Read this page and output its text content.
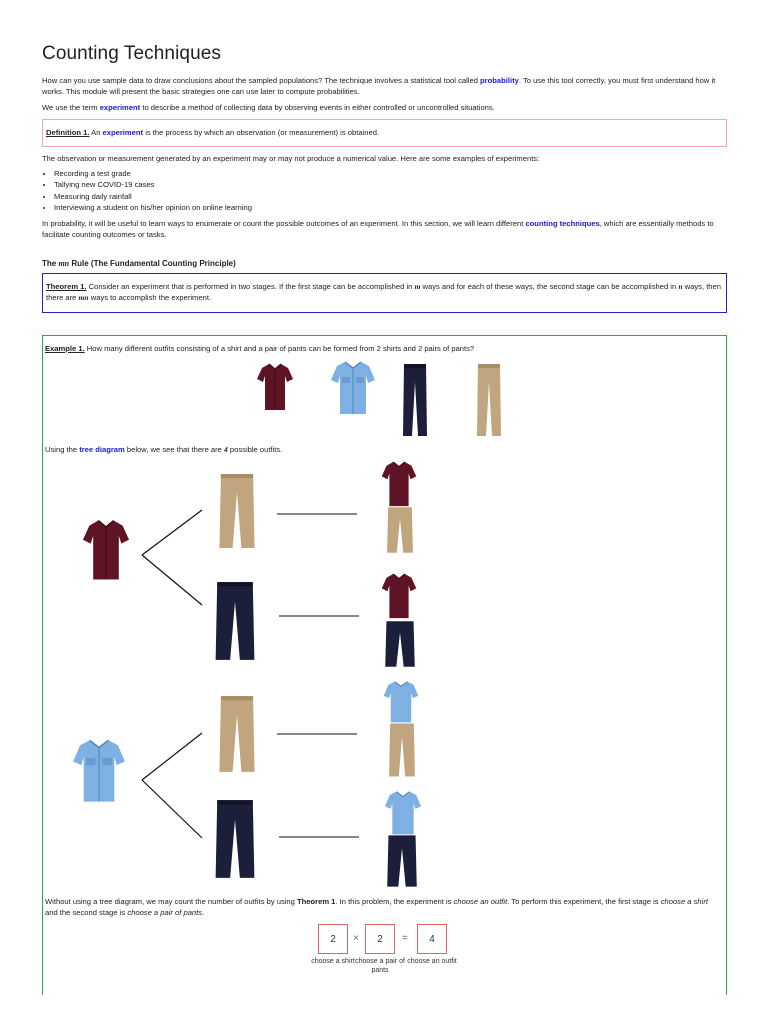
Counting Techniques

How can you use sample data to draw conclusions about the sampled populations? The technique involves a statistical tool called probability. To use this tool correctly, you must first understand how it works. This module will present the basic strategies one can use later to compute probabilities.

We use the term experiment to describe a method of collecting data by observing events in either controlled or uncontrolled situations.

Definition 1. An experiment is the process by which an observation (or measurement) is obtained.

The observation or measurement generated by an experiment may or may not produce a numerical value. Here are some examples of experiments:

• Recording a test grade
• Tallying new COVID-19 cases
• Measuring daily rainfall
• Interviewing a student on his/her opinion on online learning

In probability, it will be useful to learn ways to enumerate or count the possible outcomes of an experiment. In this section, we will learn different counting techniques, which are essentially methods to facilitate counting outcomes or tasks.

The mn Rule (The Fundamental Counting Principle)
Theorem 1. Consider an experiment that is performed in two stages. If the first stage can be accomplished in m ways and for each of these ways, the second stage can be accomplished in n ways, then there are mn ways to accomplish the experiment.

Example 1. How many different outfits consisting of a shirt and a pair of pants can be formed from 2 shirts and 2 pairs of pants?

Using the tree diagram below, we see that there are 4 possible outfits.

Without using a tree diagram, we may count the number of outfits by using Theorem 1. In this problem, the experiment is choose an outfit. To perform this experiment, the first stage is choose a shirt and the second stage is choose a pair of pants.

2	×	2	=	4
choose a shirt choose a pair of pants
choose an outfit
